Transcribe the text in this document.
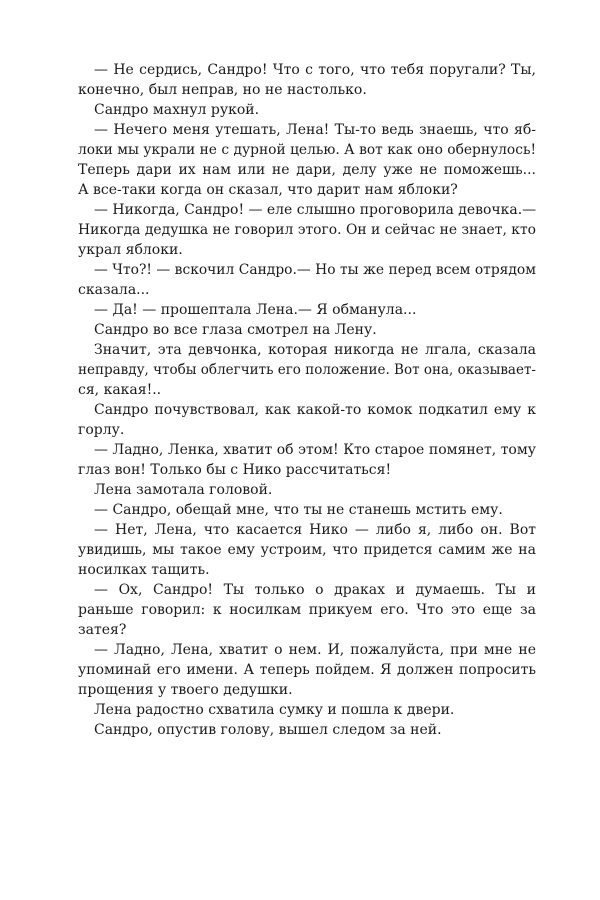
— Не сердись, Сандро! Что с того, что тебя поругали? Ты,
конечно, был неправ, но не настолько.
Сандро махнул рукой.
— Нечего меня утешать, Лена! Ты-то ведь знаешь, что яб-
локи мы украли не с дурной целью. А вот как оно обернулось!
Теперь дари их нам или не дари, делу уже не поможешь...
А все-таки когда он сказал, что дарит нам яблоки?
— Никогда, Сандро! — еле слышно проговорила девочка.—
Никогда дедушка не говорил этого. Он и сейчас не знает, кто
украл яблоки.
— Что?! — вскочил Сандро.— Но ты же перед всем отрядом
сказала...
— Да! — прошептала Лена.— Я обманула...
Сандро во все глаза смотрел на Лену.
Значит, эта девчонка, которая никогда не лгала, сказала
неправду, чтобы облегчить его положение. Вот она, оказывает-
ся, какая!..
Сандро почувствовал, как какой-то комок подкатил ему к
горлу.
— Ладно, Ленка, хватит об этом! Кто старое помянет, тому
глаз вон! Только бы с Нико рассчитаться!
Лена замотала головой.
— Сандро, обещай мне, что ты не станешь мстить ему.
— Нет, Лена, что касается Нико — либо я, либо он. Вот
увидишь, мы такое ему устроим, что придется самим же на
носилках тащить.
— Ох, Сандро! Ты только о драках и думаешь. Ты и
раньше говорил: к носилкам прикуем его. Что это еще за
затея?
— Ладно, Лена, хватит о нем. И, пожалуйста, при мне не
упоминай его имени. А теперь пойдем. Я должен попросить
прощения у твоего дедушки.
Лена радостно схватила сумку и пошла к двери.
Сандро, опустив голову, вышел следом за ней.
